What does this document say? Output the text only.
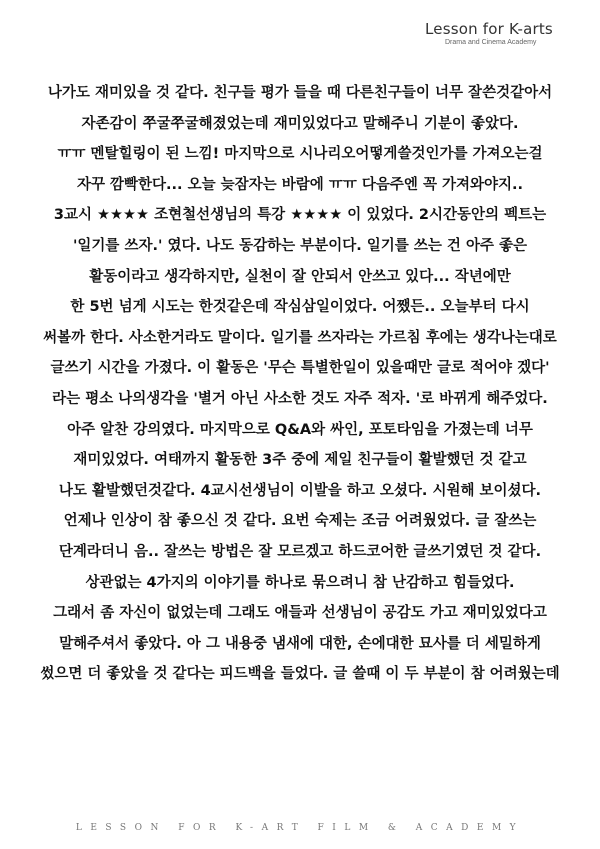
Lesson for K-arts
Drama and Cinema Academy
나가도 재미있을 것 같다. 친구들 평가 들을 때 다른친구들이 너무 잘쓴것같아서
자존감이 쭈굴쭈굴해졌었는데 재미있었다고 말해주니 기분이 좋았다.
ㅠㅠ 멘탈힐링이 된 느낌! 마지막으로 시나리오어떻게쓸것인가를 가져오는걸
자꾸 깜빡한다... 오늘 늦잠자는 바람에 ㅠㅠ 다음주엔 꼭 가져와야지..
3교시 ★★★★ 조현철선생님의 특강 ★★★★ 이 있었다. 2시간동안의 펙트는
'일기를 쓰자.' 였다. 나도 동감하는 부분이다. 일기를 쓰는 건 아주 좋은
활동이라고 생각하지만, 실천이 잘 안되서 안쓰고 있다... 작년에만
한 5번 넘게 시도는 한것같은데 작심삼일이었다. 어쨌든.. 오늘부터 다시
써볼까 한다. 사소한거라도 말이다. 일기를 쓰자라는 가르침 후에는 생각나는대로
글쓰기 시간을 가졌다. 이 활동은 '무슨 특별한일이 있을때만 글로 적어야 겠다'
라는 평소 나의생각을 '별거 아닌 사소한 것도 자주 적자. '로 바뀌게 해주었다.
아주 알찬 강의였다. 마지막으로 Q&A와 싸인, 포토타임을 가졌는데 너무
재미있었다. 여태까지 활동한 3주 중에 제일 친구들이 활발했던 것 같고
나도 활발했던것같다. 4교시선생님이 이발을 하고 오셨다. 시원해 보이셨다.
언제나 인상이 참 좋으신 것 같다. 요번 숙제는 조금 어려웠었다. 글 잘쓰는
단계라더니 음.. 잘쓰는 방법은 잘 모르겠고 하드코어한 글쓰기였던 것 같다.
상관없는 4가지의 이야기를 하나로 묶으려니 참 난감하고 힘들었다.
그래서 좀 자신이 없었는데 그래도 애들과 선생님이 공감도 가고 재미있었다고
말해주셔서 좋았다. 아 그 내용중 냄새에 대한, 손에대한 묘사를 더 세밀하게
썼으면 더 좋았을 것 같다는 피드백을 들었다. 글 쓸때 이 두 부분이 참 어려웠는데
LESSON FOR K-ART FILM & ACADEMY
